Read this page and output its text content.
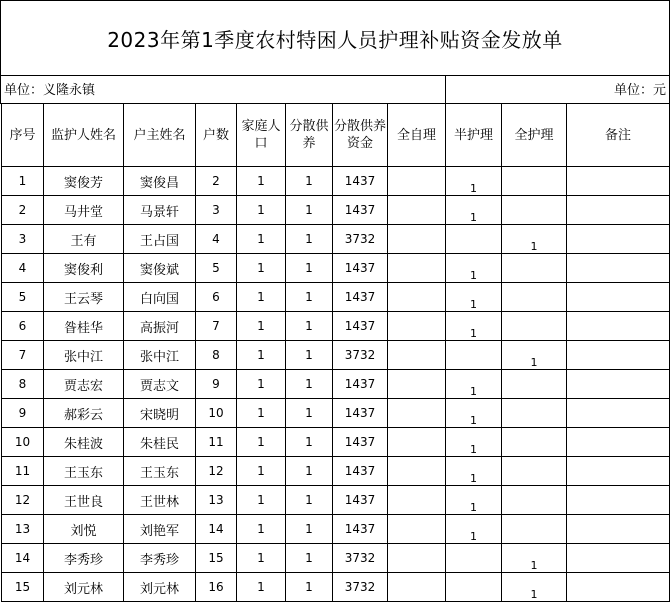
2023年第1季度农村特困人员护理补贴资金发放单
单位：义隆永镇	单位：元
序号	监护人姓名	户主姓名	户数	家庭人口	分散供养	分散供养资金	全自理	半护理	全护理	备注
1	窦俊芳	窦俊昌	2	1	1	1437		1		
2	马井堂	马景轩	3	1	1	1437		1		
3	王有	王占国	4	1	1	3732			1	
4	窦俊利	窦俊斌	5	1	1	1437		1		
5	王云琴	白向国	6	1	1	1437		1		
6	昝桂华	高振河	7	1	1	1437		1		
7	张中江	张中江	8	1	1	3732			1	
8	贾志宏	贾志文	9	1	1	1437		1		
9	郝彩云	宋晓明	10	1	1	1437		1		
10	朱桂波	朱桂民	11	1	1	1437		1		
11	王玉东	王玉东	12	1	1	1437		1		
12	王世良	王世林	13	1	1	1437		1		
13	刘悦	刘艳军	14	1	1	1437		1		
14	李秀珍	李秀珍	15	1	1	3732			1	
15	刘元林	刘元林	16	1	1	3732			1	
